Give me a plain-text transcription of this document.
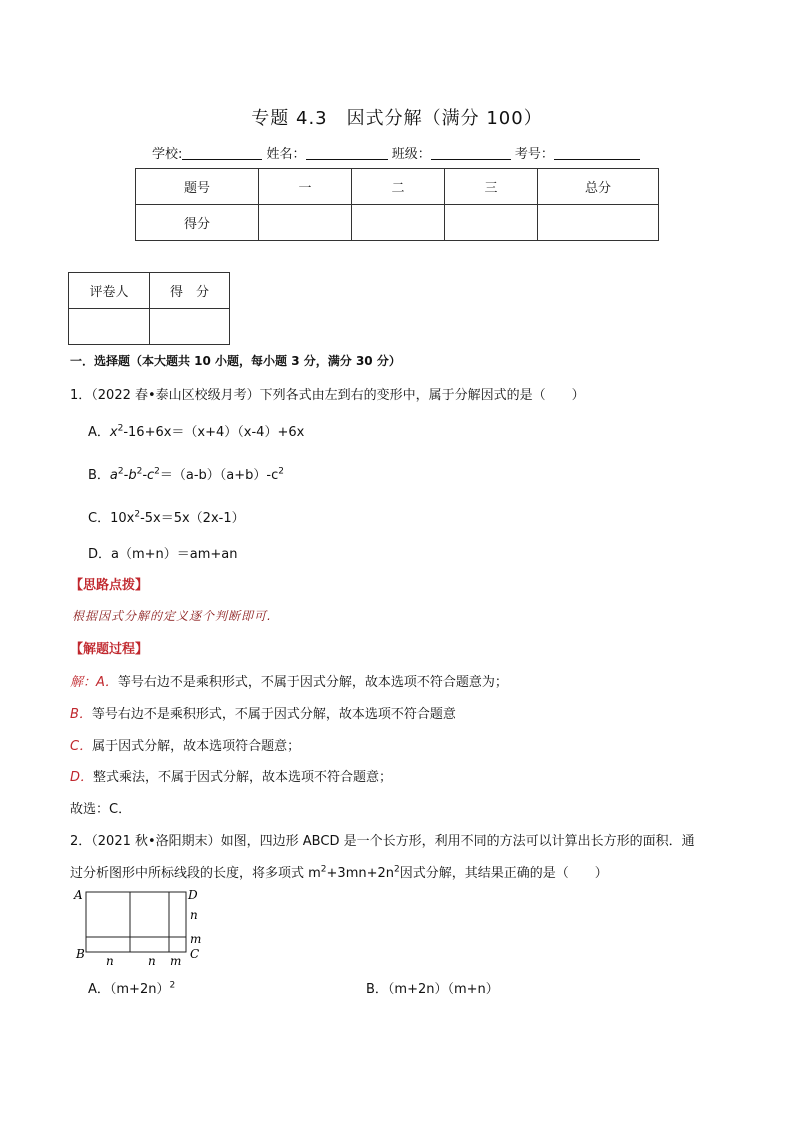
专题 4.3　因式分解（满分 100）
学校:	姓名：	班级：	考号：
题号	一	二	三	总分
得分				
评卷人	得　分

一．选择题（本大题共 10 小题，每小题 3 分，满分 30 分）
1．（2022 春•泰山区校级月考）下列各式由左到右的变形中，属于分解因式的是（　　）
A．$x^2-16+6x=(x+4)(x-4)+6x$
B．$a^2-b^2-c^2=(a-b)(a+b)-c^2$
C．$10x^2-5x=5x(2x-1)$
D．a（m+n）＝am+an
【思路点拨】
根据因式分解的定义逐个判断即可.
【解题过程】
解：A．等号右边不是乘积形式，不属于因式分解，故本选项不符合题意为；
B．等号右边不是乘积形式，不属于因式分解，故本选项不符合题意
C．属于因式分解，故本选项符合题意；
D．整式乘法，不属于因式分解，故本选项不符合题意；
故选：C．
2．（2021 秋•洛阳期末）如图，四边形 ABCD 是一个长方形，利用不同的方法可以计算出长方形的面积．通
过分析图形中所标线段的长度，将多项式 $m^2+3mn+2n^2$因式分解，其结果正确的是（　　）
A	D
B	C
n
m
n	n m
A．$(m+2n)^2$	B．（m+2n）（m+n）
